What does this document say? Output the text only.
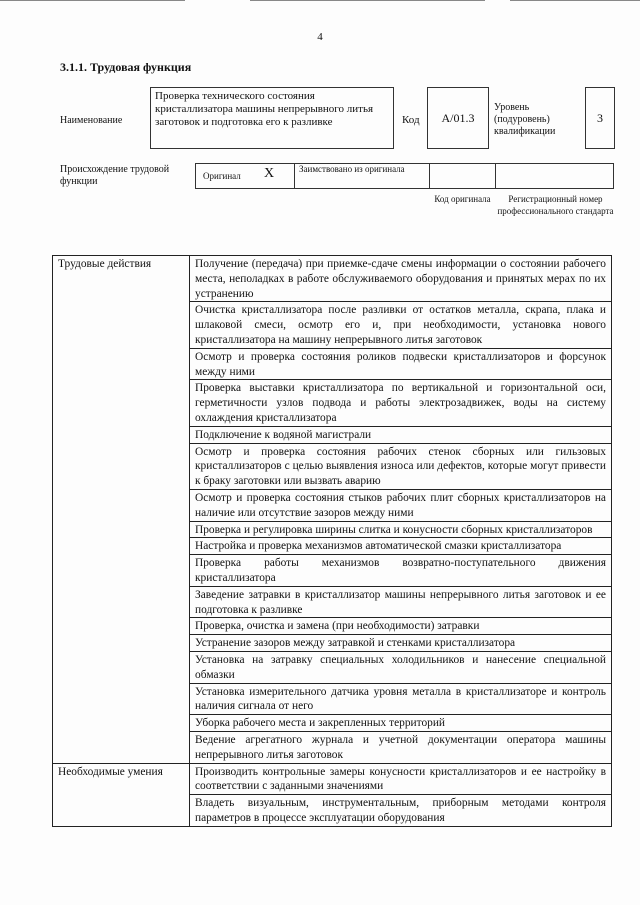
4
3.1.1. Трудовая функция
Наименование
Проверка технического состояния кристаллизатора машины непрерывного литья заготовок и подготовка его к разливке	Код	А/01.3
Уровень (подуровень) квалификации
3
Происхождение трудовой функции	Оригинал X	Заимствовано из оригинала
Код оригинала	Регистрационный номер профессионального стандарта
Трудовые действия	Получение (передача) при приемке-сдаче смены информации о состоянии рабочего места, неполадках в работе обслуживаемого оборудования и принятых мерах по их устранению
	Очистка кристаллизатора после разливки от остатков металла, скрапа, плака и шлаковой смеси, осмотр его и, при необходимости, установка нового кристаллизатора на машину непрерывного литья заготовок
	Осмотр и проверка состояния роликов подвески кристаллизаторов и форсунок между ними
	Проверка выставки кристаллизатора по вертикальной и горизонтальной оси, герметичности узлов подвода и работы электрозадвижек, воды на систему охлаждения кристаллизатора
	Подключение к водяной магистрали
	Осмотр и проверка состояния рабочих стенок сборных или гильзовых кристаллизаторов с целью выявления износа или дефектов, которые могут привести к браку заготовки или вызвать аварию
	Осмотр и проверка состояния стыков рабочих плит сборных кристаллизаторов на наличие или отсутствие зазоров между ними
	Проверка и регулировка ширины слитка и конусности сборных кристаллизаторов
	Настройка и проверка механизмов автоматической смазки кристаллизатора
	Проверка работы механизмов возвратно-поступательного движения кристаллизатора
	Заведение затравки в кристаллизатор машины непрерывного литья заготовок и ее подготовка к разливке
	Проверка, очистка и замена (при необходимости) затравки
	Устранение зазоров между затравкой и стенками кристаллизатора
	Установка на затравку специальных холодильников и нанесение специальной обмазки
	Установка измерительного датчика уровня металла в кристаллизаторе и контроль наличия сигнала от него
	Уборка рабочего места и закрепленных территорий
	Ведение агрегатного журнала и учетной документации оператора машины непрерывного литья заготовок
Необходимые умения	Производить контрольные замеры конусности кристаллизаторов и ее настройку в соответствии с заданными значениями
	Владеть визуальным, инструментальным, приборным методами контроля параметров в процессе эксплуатации оборудования
